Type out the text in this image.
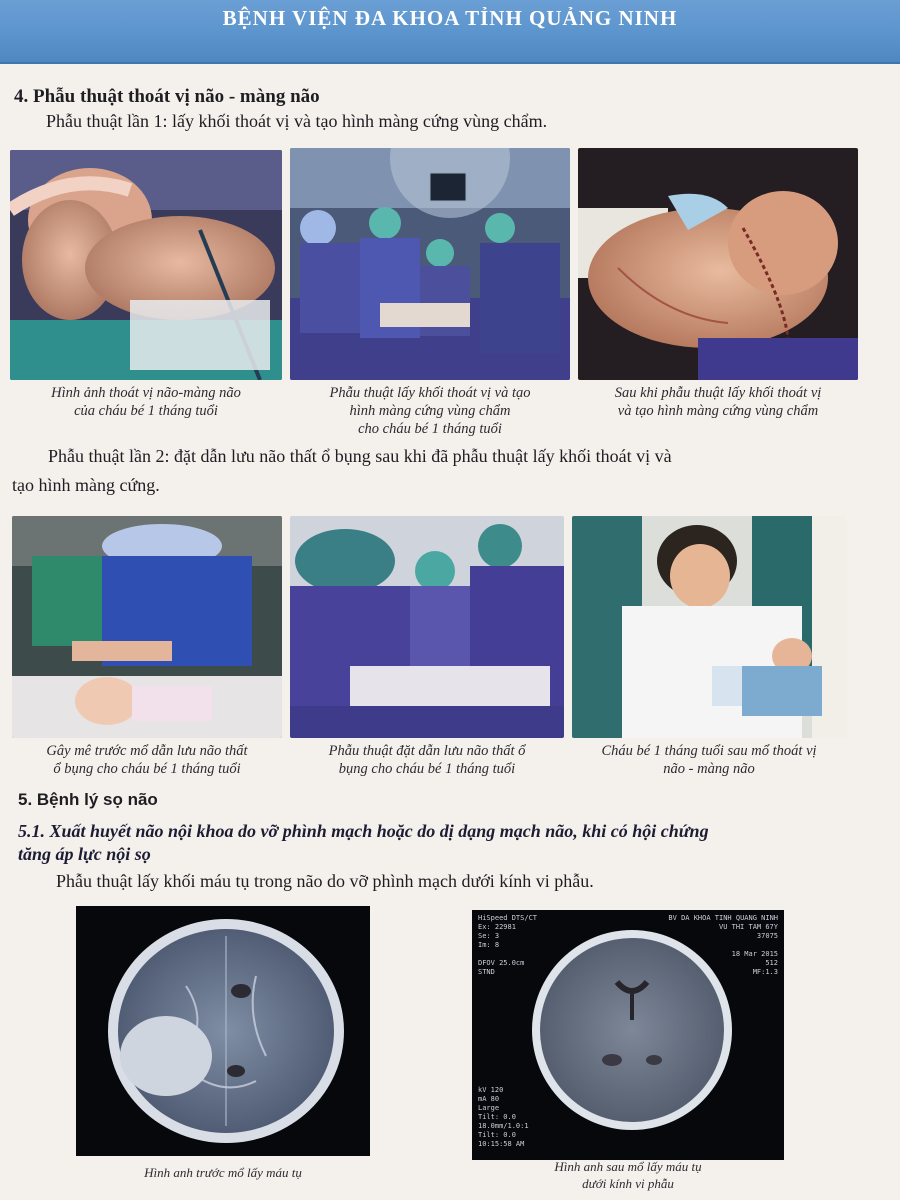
BỆNH VIỆN ĐA KHOA TỈNH QUẢNG NINH
4. Phẫu thuật thoát vị não - màng não
Phẫu thuật lần 1: lấy khối thoát vị và tạo hình màng cứng vùng chẩm.
Hình ảnh thoát vị não-màng não
của cháu bé 1 tháng tuổi
Phẫu thuật lấy khối thoát vị và tạo
hình màng cứng vùng chẩm
cho cháu bé 1 tháng tuổi
Sau khi phẫu thuật lấy khối thoát vị
và tạo hình màng cứng vùng chẩm
Phẫu thuật lần 2: đặt dẫn lưu não thất ổ bụng sau khi đã phẫu thuật lấy khối thoát vị và
tạo hình màng cứng.
Gây mê trước mổ dẫn lưu não thất
ổ bụng cho cháu bé 1 tháng tuổi
Phẫu thuật đặt dẫn lưu não thất ổ
bụng cho cháu bé 1 tháng tuổi
Cháu bé 1 tháng tuổi sau mổ thoát vị
não - màng não
5. Bệnh lý sọ não
5.1. Xuất huyết não nội khoa do vỡ phình mạch hoặc do dị dạng mạch não, khi có hội chứng
tăng áp lực nội sọ
Phẫu thuật lấy khối máu tụ trong não do vỡ phình mạch dưới kính vi phẫu.
HiSpeed DTS/CT
Ex: 22981
Se: 3
Im: 8
DFOV 25.0cm
STND
BV DA KHOA TINH QUANG NINH
VU THI TAM 67Y
37075
18 Mar 2015
512
MF:1.3
kV 120
mA 80
Large
Tilt: 0.0
18.0mm/1.0:1
Tilt: 0.0
10:15:58 AM
Hình anh trước mổ lấy máu tụ	Hình anh sau mổ lấy máu tụ
dưới kính vi phẫu
